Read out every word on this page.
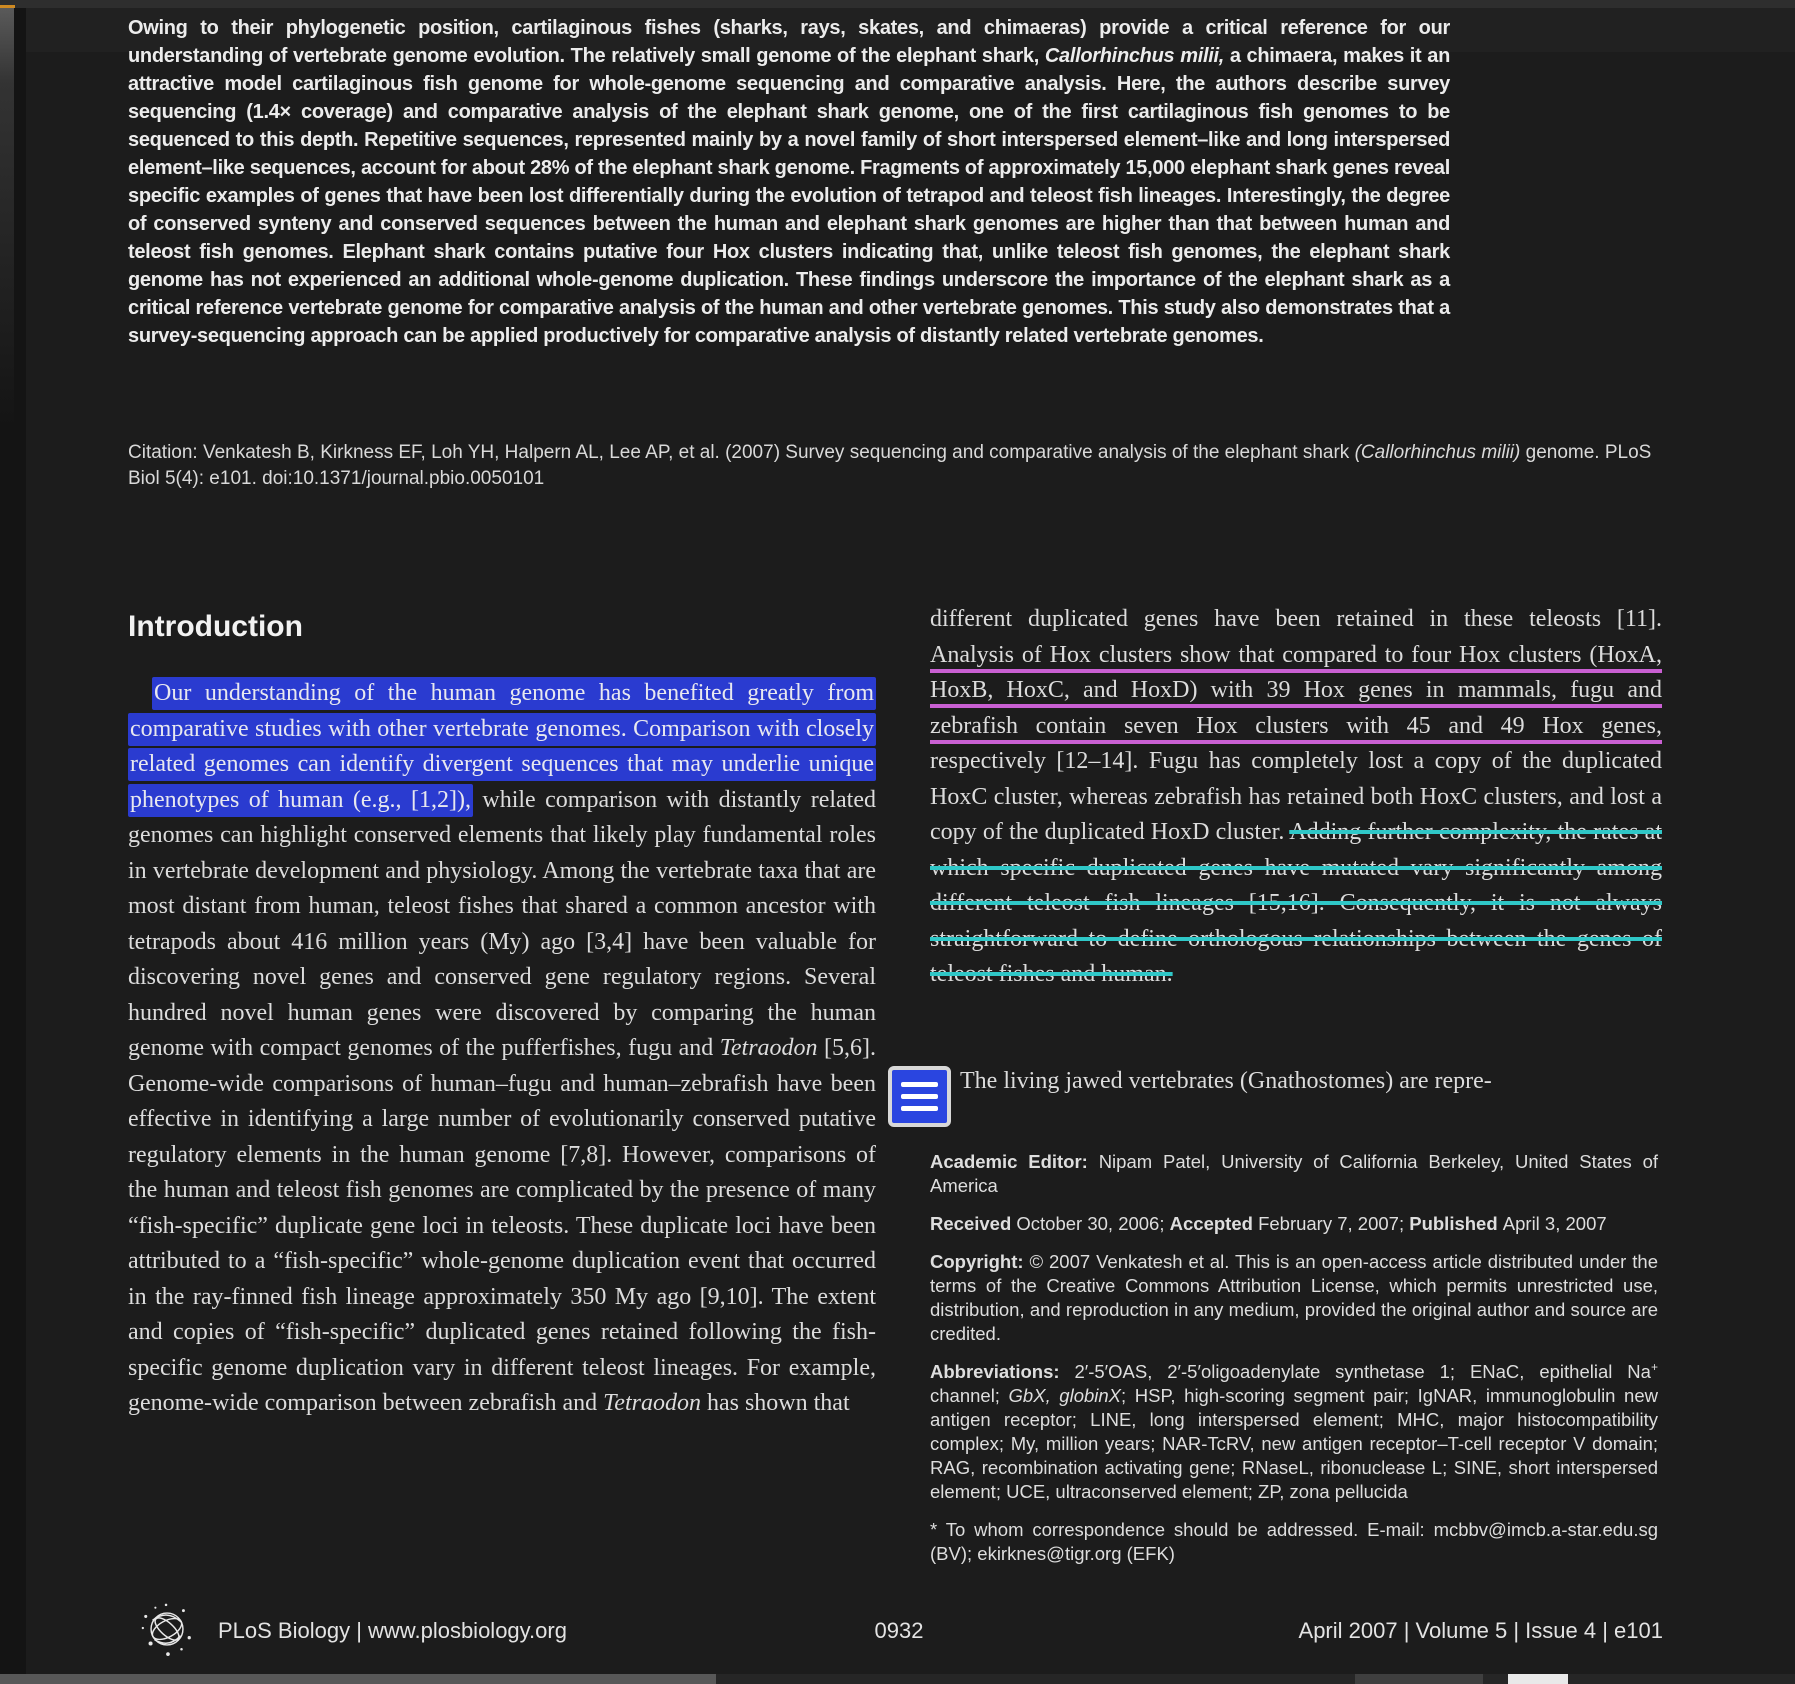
Owing to their phylogenetic position, cartilaginous fishes (sharks, rays, skates, and chimaeras) provide a critical reference for our understanding of vertebrate genome evolution. The relatively small genome of the elephant shark, Callorhinchus milii, a chimaera, makes it an attractive model cartilaginous fish genome for whole-genome sequencing and comparative analysis. Here, the authors describe survey sequencing (1.4× coverage) and comparative analysis of the elephant shark genome, one of the first cartilaginous fish genomes to be sequenced to this depth. Repetitive sequences, represented mainly by a novel family of short interspersed element–like and long interspersed element–like sequences, account for about 28% of the elephant shark genome. Fragments of approximately 15,000 elephant shark genes reveal specific examples of genes that have been lost differentially during the evolution of tetrapod and teleost fish lineages. Interestingly, the degree of conserved synteny and conserved sequences between the human and elephant shark genomes are higher than that between human and teleost fish genomes. Elephant shark contains putative four Hox clusters indicating that, unlike teleost fish genomes, the elephant shark genome has not experienced an additional whole-genome duplication. These findings underscore the importance of the elephant shark as a critical reference vertebrate genome for comparative analysis of the human and other vertebrate genomes. This study also demonstrates that a survey-sequencing approach can be applied productively for comparative analysis of distantly related vertebrate genomes.
Citation: Venkatesh B, Kirkness EF, Loh YH, Halpern AL, Lee AP, et al. (2007) Survey sequencing and comparative analysis of the elephant shark (Callorhinchus milii) genome. PLoS Biol 5(4): e101. doi:10.1371/journal.pbio.0050101
Introduction
Our understanding of the human genome has benefited greatly from comparative studies with other vertebrate genomes. Comparison with closely related genomes can identify divergent sequences that may underlie unique phenotypes of human (e.g., [1,2]), while comparison with distantly related genomes can highlight conserved elements that likely play fundamental roles in vertebrate development and physiology. Among the vertebrate taxa that are most distant from human, teleost fishes that shared a common ancestor with tetrapods about 416 million years (My) ago [3,4] have been valuable for discovering novel genes and conserved gene regulatory regions. Several hundred novel human genes were discovered by comparing the human genome with compact genomes of the pufferfishes, fugu and Tetraodon [5,6]. Genome-wide comparisons of human–fugu and human–zebrafish have been effective in identifying a large number of evolutionarily conserved putative regulatory elements in the human genome [7,8]. However, comparisons of the human and teleost fish genomes are complicated by the presence of many “fish-specific” duplicate gene loci in teleosts. These duplicate loci have been attributed to a “fish-specific” whole-genome duplication event that occurred in the ray-finned fish lineage approximately 350 My ago [9,10]. The extent and copies of “fish-specific” duplicated genes retained following the fish-specific genome duplication vary in different teleost lineages. For example, genome-wide comparison between zebrafish and Tetraodon has shown that
different duplicated genes have been retained in these teleosts [11]. Analysis of Hox clusters show that compared to four Hox clusters (HoxA, HoxB, HoxC, and HoxD) with 39 Hox genes in mammals, fugu and zebrafish contain seven Hox clusters with 45 and 49 Hox genes, respectively [12–14]. Fugu has completely lost a copy of the duplicated HoxC cluster, whereas zebrafish has retained both HoxC clusters, and lost a copy of the duplicated HoxD cluster. Adding further complexity, the rates at which specific duplicated genes have mutated vary significantly among different teleost fish lineages [15,16]. Consequently, it is not always straightforward to define orthologous relationships between the genes of teleost fishes and human.
The living jawed vertebrates (Gnathostomes) are repre-

Academic Editor: Nipam Patel, University of California Berkeley, United States of America

Received October 30, 2006; Accepted February 7, 2007; Published April 3, 2007

Copyright: © 2007 Venkatesh et al. This is an open-access article distributed under the terms of the Creative Commons Attribution License, which permits unrestricted use, distribution, and reproduction in any medium, provided the original author and source are credited.

Abbreviations: 2′-5′OAS, 2′-5′oligoadenylate synthetase 1; ENaC, epithelial Na+ channel; GbX, globinX; HSP, high-scoring segment pair; IgNAR, immunoglobulin new antigen receptor; LINE, long interspersed element; MHC, major histocompatibility complex; My, million years; NAR-TcRV, new antigen receptor–T-cell receptor V domain; RAG, recombination activating gene; RNaseL, ribonuclease L; SINE, short interspersed element; UCE, ultraconserved element; ZP, zona pellucida

* To whom correspondence should be addressed. E-mail: mcbbv@imcb.a-star.edu.sg (BV); ekirknes@tigr.org (EFK)

PLoS Biology | www.plosbiology.org	0932	April 2007 | Volume 5 | Issue 4 | e101
